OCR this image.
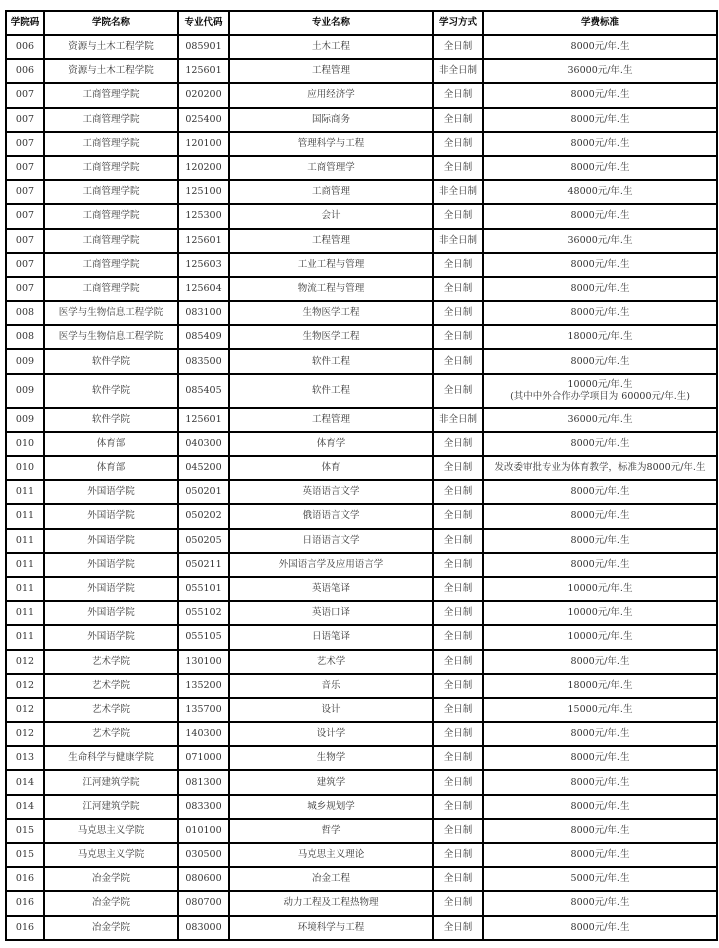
学院码	学院名称	专业代码	专业名称	学习方式	学费标准
006	资源与土木工程学院	085901	土木工程	全日制	8000元/年.生
006	资源与土木工程学院	125601	工程管理	非全日制	36000元/年.生
007	工商管理学院	020200	应用经济学	全日制	8000元/年.生
007	工商管理学院	025400	国际商务	全日制	8000元/年.生
007	工商管理学院	120100	管理科学与工程	全日制	8000元/年.生
007	工商管理学院	120200	工商管理学	全日制	8000元/年.生
007	工商管理学院	125100	工商管理	非全日制	48000元/年.生
007	工商管理学院	125300	会计	全日制	8000元/年.生
007	工商管理学院	125601	工程管理	非全日制	36000元/年.生
007	工商管理学院	125603	工业工程与管理	全日制	8000元/年.生
007	工商管理学院	125604	物流工程与管理	全日制	8000元/年.生
008	医学与生物信息工程学院	083100	生物医学工程	全日制	8000元/年.生
008	医学与生物信息工程学院	085409	生物医学工程	全日制	18000元/年.生
009	软件学院	083500	软件工程	全日制	8000元/年.生
009	软件学院	085405	软件工程	全日制	10000元/年.生
(其中中外合作办学项目为 60000元/年.生)

009	软件学院	125601	工程管理	非全日制	36000元/年.生
010	体育部	040300	体育学	全日制	8000元/年.生
010	体育部	045200	体育	全日制	发改委审批专业为体育教学，标准为8000元/年.生
011	外国语学院	050201	英语语言文学	全日制	8000元/年.生
011	外国语学院	050202	俄语语言文学	全日制	8000元/年.生
011	外国语学院	050205	日语语言文学	全日制	8000元/年.生
011	外国语学院	050211	外国语言学及应用语言学	全日制	8000元/年.生
011	外国语学院	055101	英语笔译	全日制	10000元/年.生
011	外国语学院	055102	英语口译	全日制	10000元/年.生
011	外国语学院	055105	日语笔译	全日制	10000元/年.生
012	艺术学院	130100	艺术学	全日制	8000元/年.生
012	艺术学院	135200	音乐	全日制	18000元/年.生
012	艺术学院	135700	设计	全日制	15000元/年.生
012	艺术学院	140300	设计学	全日制	8000元/年.生
013	生命科学与健康学院	071000	生物学	全日制	8000元/年.生
014	江河建筑学院	081300	建筑学	全日制	8000元/年.生
014	江河建筑学院	083300	城乡规划学	全日制	8000元/年.生
015	马克思主义学院	010100	哲学	全日制	8000元/年.生
015	马克思主义学院	030500	马克思主义理论	全日制	8000元/年.生
016	冶金学院	080600	冶金工程	全日制	5000元/年.生
016	冶金学院	080700	动力工程及工程热物理	全日制	8000元/年.生
016	冶金学院	083000	环境科学与工程	全日制	8000元/年.生
